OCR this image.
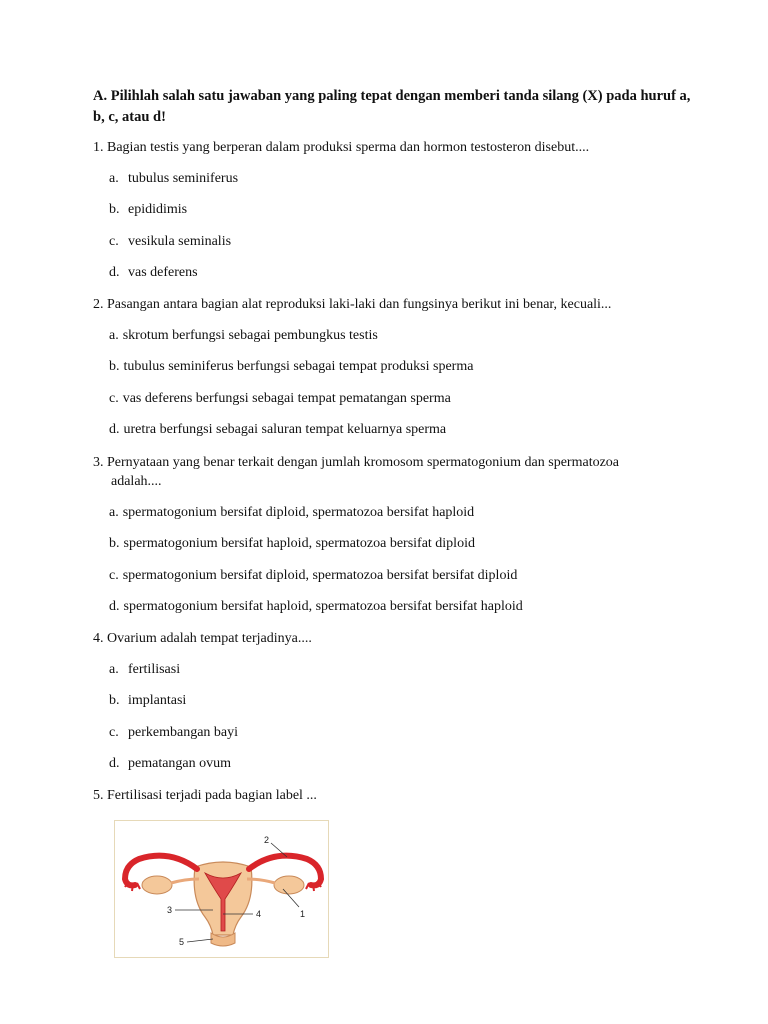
A. Pilihlah salah satu jawaban yang paling tepat dengan memberi tanda silang (X) pada huruf a, b, c, atau d!
1. Bagian testis yang berperan dalam produksi sperma dan hormon testosteron disebut....
a. tubulus seminiferus
b. epididimis
c. vesikula seminalis
d. vas deferens
2. Pasangan antara bagian alat reproduksi laki-laki dan fungsinya berikut ini benar, kecuali...
a. skrotum berfungsi sebagai pembungkus testis
b. tubulus seminiferus berfungsi sebagai tempat produksi sperma
c. vas deferens berfungsi sebagai tempat pematangan sperma
d. uretra berfungsi sebagai saluran tempat keluarnya sperma
3. Pernyataan yang benar terkait dengan jumlah kromosom spermatogonium dan spermatozoa
adalah....
a. spermatogonium bersifat diploid, spermatozoa bersifat haploid
b. spermatogonium bersifat haploid, spermatozoa bersifat diploid
c. spermatogonium bersifat diploid, spermatozoa bersifat bersifat diploid
d. spermatogonium bersifat haploid, spermatozoa bersifat bersifat haploid
4. Ovarium adalah tempat terjadinya....
a. fertilisasi
b. implantasi
c. perkembangan bayi
d. pematangan ovum
5. Fertilisasi terjadi pada bagian label ...
2
1
3	4
5
